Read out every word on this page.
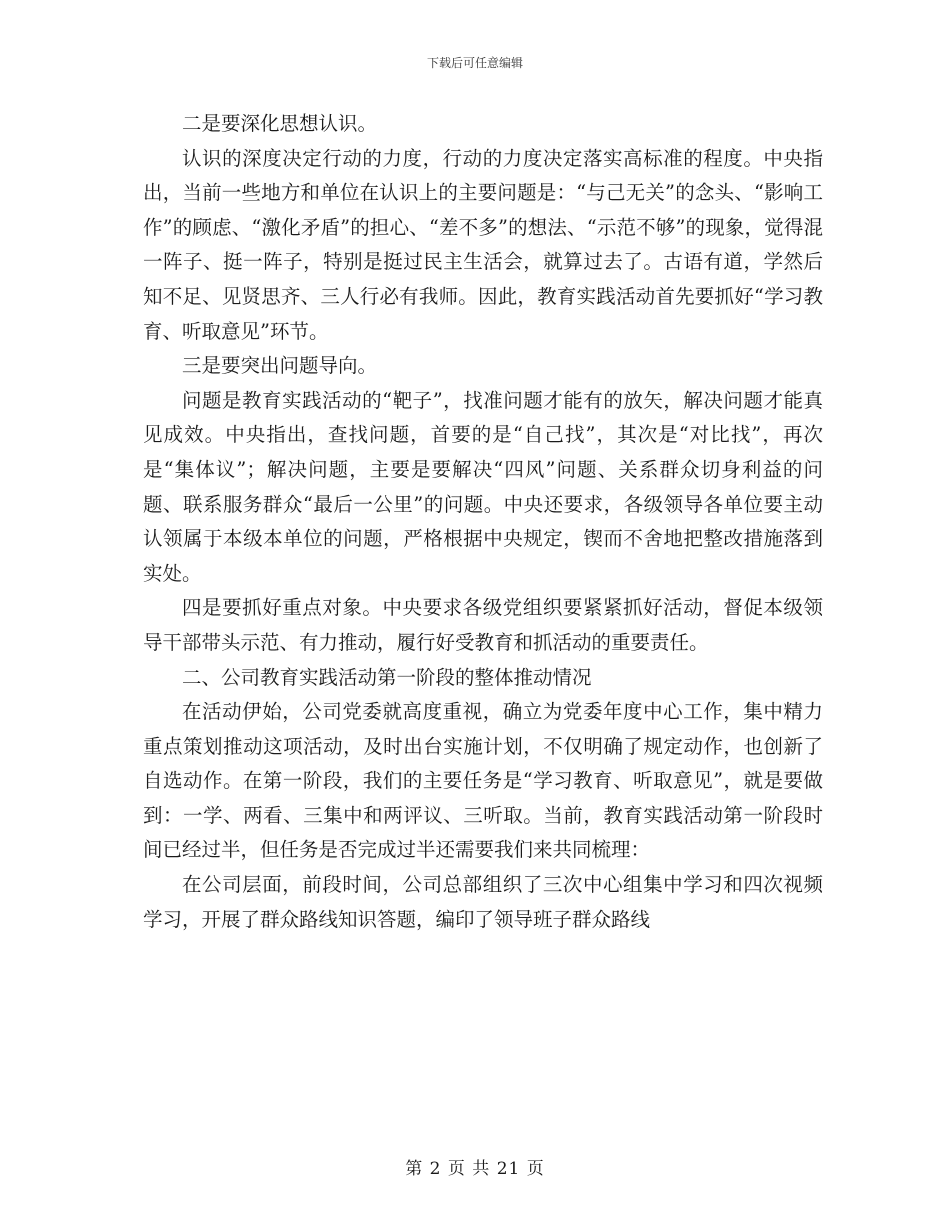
下载后可任意编辑

二是要深化思想认识。

认识的深度决定行动的力度，行动的力度决定落实高标准的程度。中央指出，当前一些地方和单位在认识上的主要问题是：“与己无关”的念头、“影响工作”的顾虑、“激化矛盾”的担心、“差不多”的想法、“示范不够”的现象，觉得混一阵子、挺一阵子，特别是挺过民主生活会，就算过去了。古语有道，学然后知不足、见贤思齐、三人行必有我师。因此，教育实践活动首先要抓好“学习教育、听取意见”环节。

三是要突出问题导向。

问题是教育实践活动的“靶子”，找准问题才能有的放矢，解决问题才能真见成效。中央指出，查找问题，首要的是“自己找”，其次是“对比找”，再次是“集体议”；解决问题，主要是要解决“四风”问题、关系群众切身利益的问题、联系服务群众“最后一公里”的问题。中央还要求，各级领导各单位要主动认领属于本级本单位的问题，严格根据中央规定，锲而不舍地把整改措施落到实处。

四是要抓好重点对象。中央要求各级党组织要紧紧抓好活动，督促本级领导干部带头示范、有力推动，履行好受教育和抓活动的重要责任。

二、公司教育实践活动第一阶段的整体推动情况

在活动伊始，公司党委就高度重视，确立为党委年度中心工作，集中精力重点策划推动这项活动，及时出台实施计划，不仅明确了规定动作，也创新了自选动作。在第一阶段，我们的主要任务是“学习教育、听取意见”，就是要做到：一学、两看、三集中和两评议、三听取。当前，教育实践活动第一阶段时间已经过半，但任务是否完成过半还需要我们来共同梳理：

在公司层面，前段时间，公司总部组织了三次中心组集中学习和四次视频学习，开展了群众路线知识答题，编印了领导班子群众路线

第 2 页 共 21 页
